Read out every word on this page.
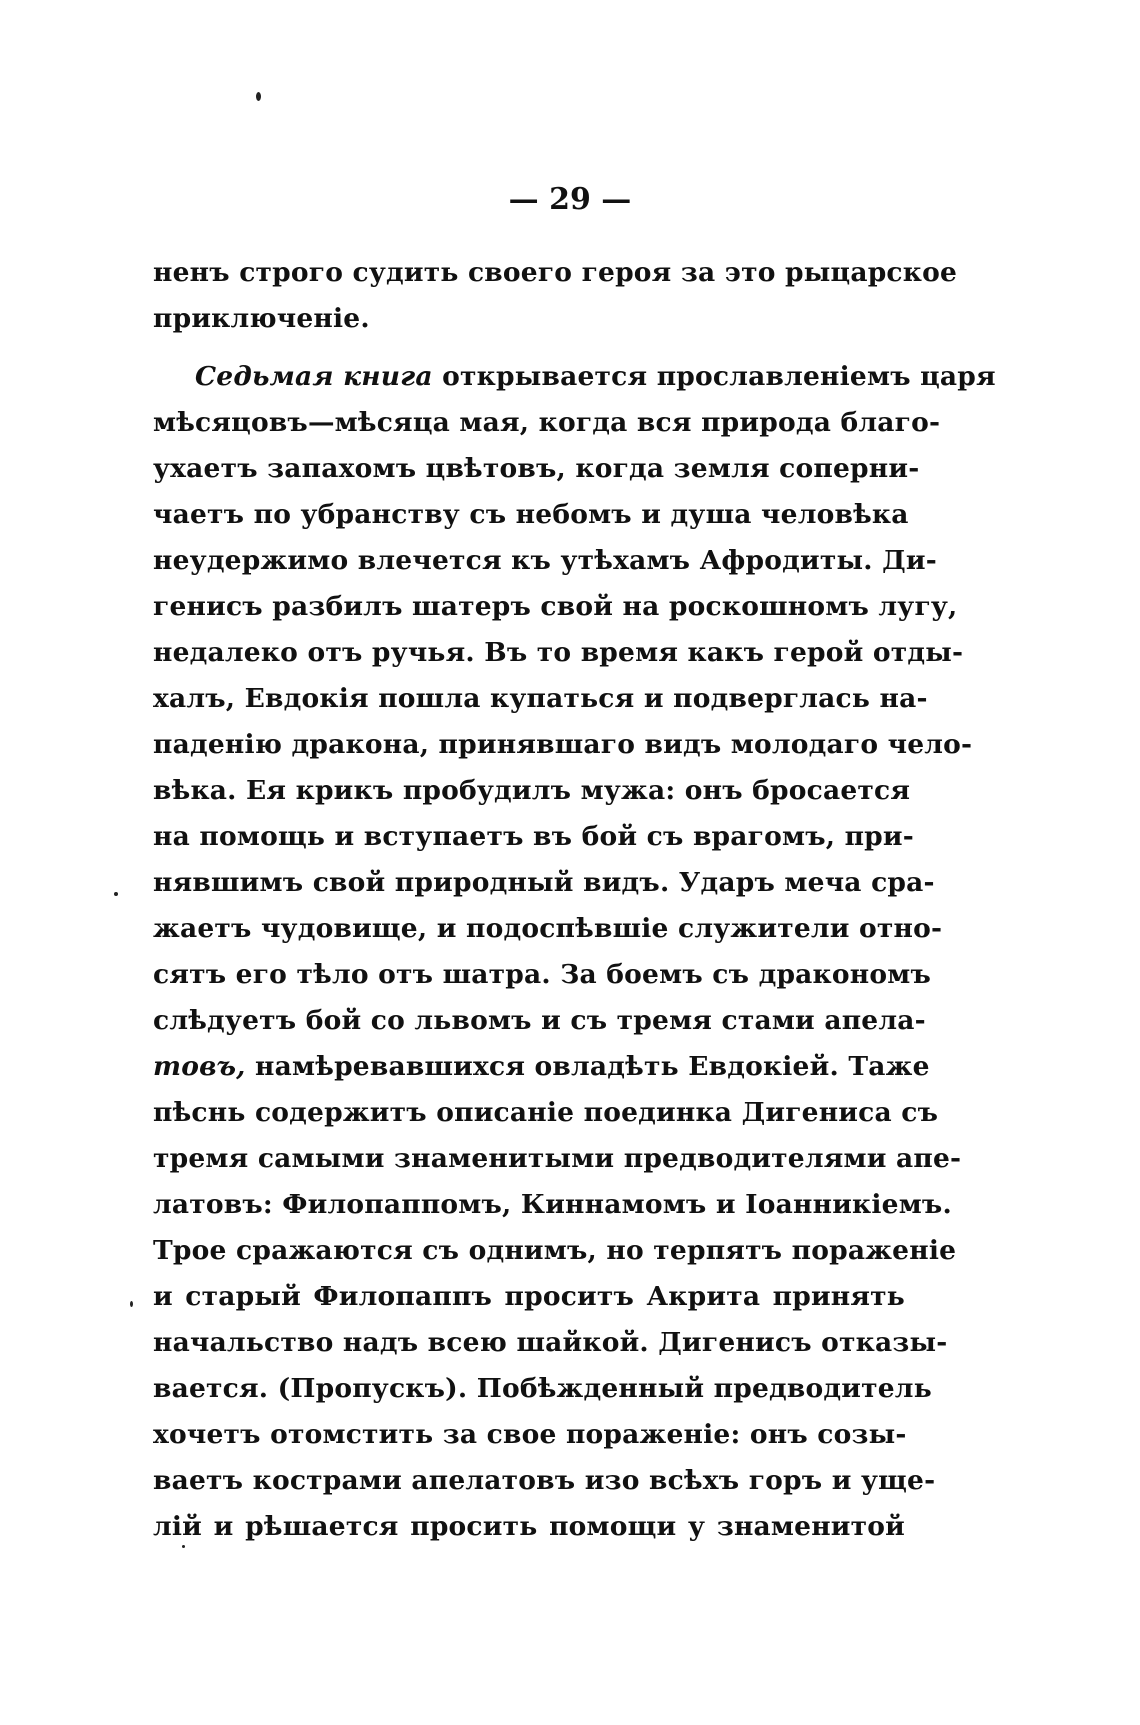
— 29 —
ненъ строго судить своего героя за это рыцарское
приключеніе.
Седьмая книга открывается прославленіемъ царя
мѣсяцовъ—мѣсяца мая, когда вся природа благо-
ухаетъ запахомъ цвѣтовъ, когда земля соперни-
чаетъ по убранству съ небомъ и душа человѣка
неудержимо влечется къ утѣхамъ Афродиты. Ди-
генисъ разбилъ шатеръ свой на роскошномъ лугу,
недалеко отъ ручья. Въ то время какъ герой отды-
халъ, Евдокія пошла купаться и подверглась на-
паденію дракона, принявшаго видъ молодаго чело-
вѣка. Ея крикъ пробудилъ мужа: онъ бросается
на помощь и вступаетъ въ бой съ врагомъ, при-
нявшимъ свой природный видъ. Ударъ меча сра-
жаетъ чудовище, и подоспѣвшіе служители отно-
сятъ его тѣло отъ шатра. За боемъ съ дракономъ
слѣдуетъ бой со львомъ и съ тремя стами апела-
товъ, намѣревавшихся овладѣть Евдокіей. Таже
пѣснь содержитъ описаніе поединка Дигениса съ
тремя самыми знаменитыми предводителями апе-
латовъ: Филопаппомъ, Киннамомъ и Іоанникіемъ.
Трое сражаются съ однимъ, но терпятъ пораженіе
и старый Филопаппъ проситъ Акрита принять
начальство надъ всею шайкой. Дигенисъ отказы-
вается. (Пропускъ). Побѣжденный предводитель
хочетъ отомстить за свое пораженіе: онъ созы-
ваетъ кострами апелатовъ изо всѣхъ горъ и уще-
лій и рѣшается просить помощи у знаменитой
